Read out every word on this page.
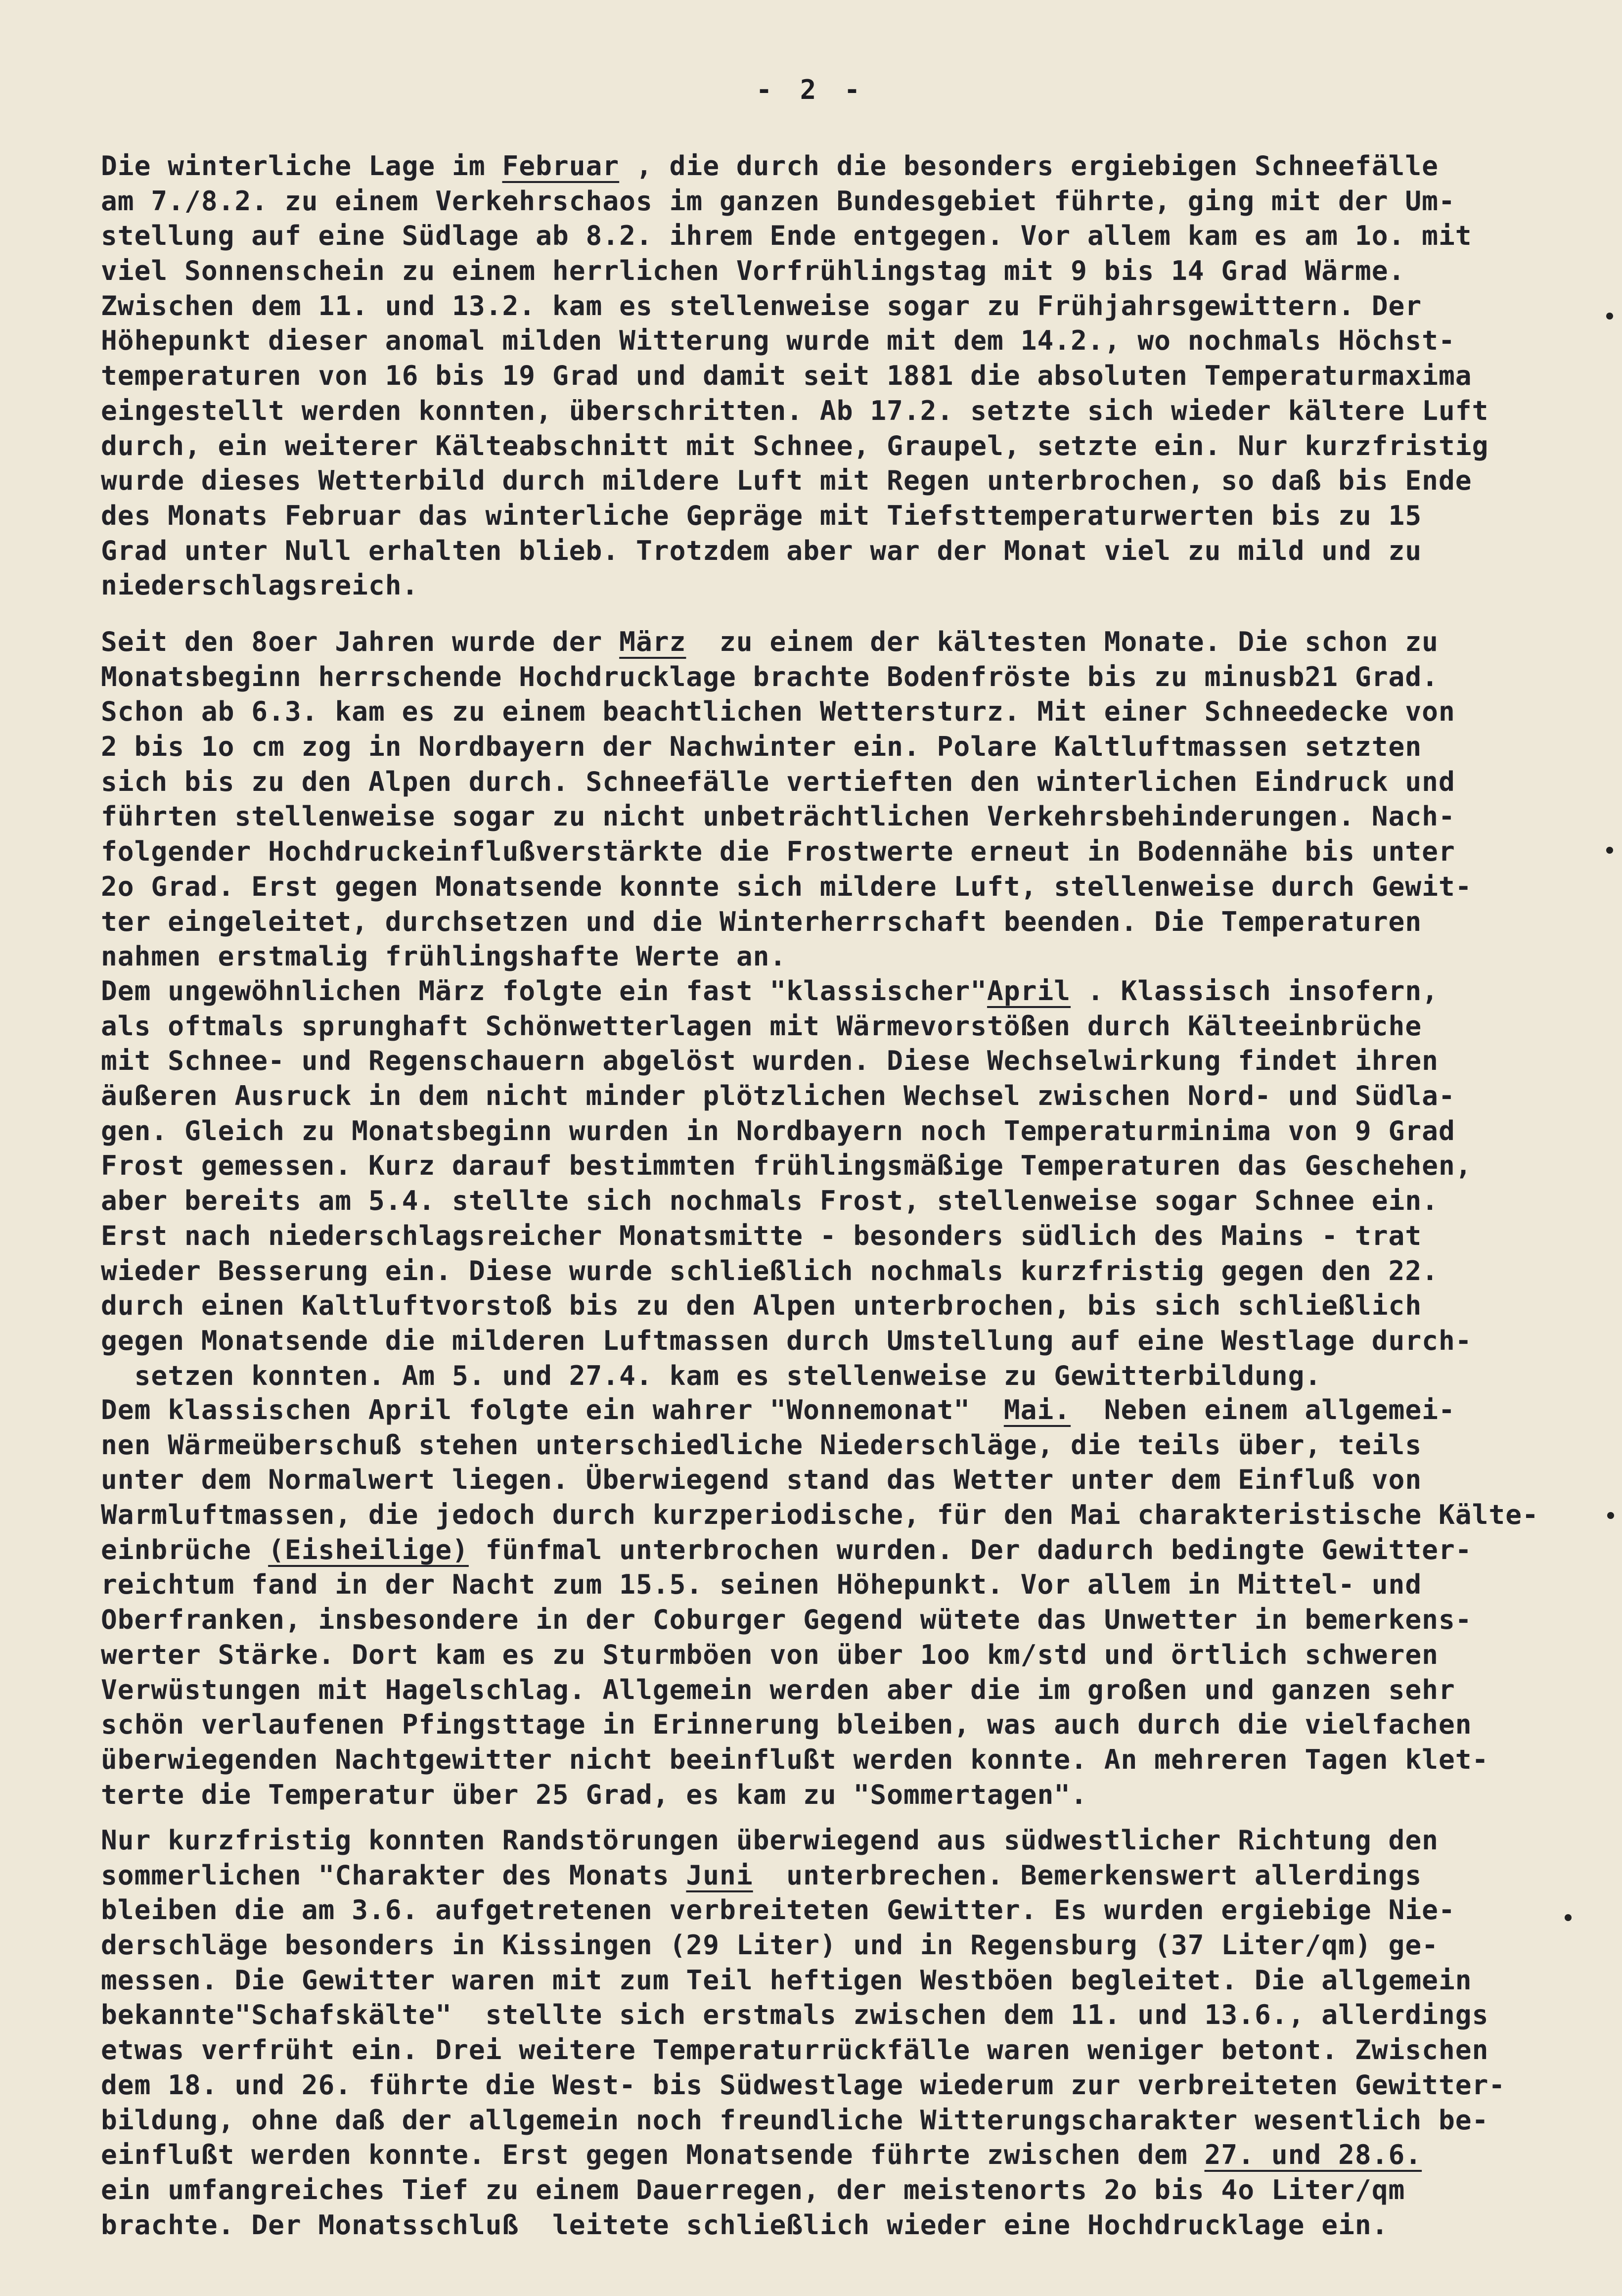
- 2 -
Die winterliche Lage im Februar , die durch die besonders ergiebigen Schneefälle
am 7./8.2. zu einem Verkehrschaos im ganzen Bundesgebiet führte, ging mit der Um-
stellung auf eine Südlage ab 8.2. ihrem Ende entgegen. Vor allem kam es am 1o. mit
viel Sonnenschein zu einem herrlichen Vorfrühlingstag mit 9 bis 14 Grad Wärme.
Zwischen dem 11. und 13.2. kam es stellenweise sogar zu Frühjahrsgewittern. Der
Höhepunkt dieser anomal milden Witterung wurde mit dem 14.2., wo nochmals Höchst-
temperaturen von 16 bis 19 Grad und damit seit 1881 die absoluten Temperaturmaxima
eingestellt werden konnten, überschritten. Ab 17.2. setzte sich wieder kältere Luft
durch, ein weiterer Kälteabschnitt mit Schnee, Graupel, setzte ein. Nur kurzfristig
wurde dieses Wetterbild durch mildere Luft mit Regen unterbrochen, so daß bis Ende
des Monats Februar das winterliche Gepräge mit Tiefsttemperaturwerten bis zu 15
Grad unter Null erhalten blieb. Trotzdem aber war der Monat viel zu mild und zu
niederschlagsreich.
Seit den 8oer Jahren wurde der März  zu einem der kältesten Monate. Die schon zu
Monatsbeginn herrschende Hochdrucklage brachte Bodenfröste bis zu minusb21 Grad.
Schon ab 6.3. kam es zu einem beachtlichen Wettersturz. Mit einer Schneedecke von
2 bis 1o cm zog in Nordbayern der Nachwinter ein. Polare Kaltluftmassen setzten
sich bis zu den Alpen durch. Schneefälle vertieften den winterlichen Eindruck und
führten stellenweise sogar zu nicht unbeträchtlichen Verkehrsbehinderungen. Nach-
folgender Hochdruckeinflußverstärkte die Frostwerte erneut in Bodennähe bis unter
2o Grad. Erst gegen Monatsende konnte sich mildere Luft, stellenweise durch Gewit-
ter eingeleitet, durchsetzen und die Winterherrschaft beenden. Die Temperaturen
nahmen erstmalig frühlingshafte Werte an.
Dem ungewöhnlichen März folgte ein fast "klassischer"April . Klassisch insofern,
als oftmals sprunghaft Schönwetterlagen mit Wärmevorstößen durch Kälteeinbrüche
mit Schnee- und Regenschauern abgelöst wurden. Diese Wechselwirkung findet ihren
äußeren Ausruck in dem nicht minder plötzlichen Wechsel zwischen Nord- und Südla-
gen. Gleich zu Monatsbeginn wurden in Nordbayern noch Temperaturminima von 9 Grad
Frost gemessen. Kurz darauf bestimmten frühlingsmäßige Temperaturen das Geschehen,
aber bereits am 5.4. stellte sich nochmals Frost, stellenweise sogar Schnee ein.
Erst nach niederschlagsreicher Monatsmitte - besonders südlich des Mains - trat
wieder Besserung ein. Diese wurde schließlich nochmals kurzfristig gegen den 22.
durch einen Kaltluftvorstoß bis zu den Alpen unterbrochen, bis sich schließlich
gegen Monatsende die milderen Luftmassen durch Umstellung auf eine Westlage durch-
setzen konnten. Am 5. und 27.4. kam es stellenweise zu Gewitterbildung.
Dem klassischen April folgte ein wahrer "Wonnemonat"  Mai.  Neben einem allgemei-
nen Wärmeüberschuß stehen unterschiedliche Niederschläge, die teils über, teils
unter dem Normalwert liegen. Überwiegend stand das Wetter unter dem Einfluß von
Warmluftmassen, die jedoch durch kurzperiodische, für den Mai charakteristische Kälte-
einbrüche (Eisheilige) fünfmal unterbrochen wurden. Der dadurch bedingte Gewitter-
reichtum fand in der Nacht zum 15.5. seinen Höhepunkt. Vor allem in Mittel- und
Oberfranken, insbesondere in der Coburger Gegend wütete das Unwetter in bemerkens-
werter Stärke. Dort kam es zu Sturmböen von über 1oo km/std und örtlich schweren
Verwüstungen mit Hagelschlag. Allgemein werden aber die im großen und ganzen sehr
schön verlaufenen Pfingsttage in Erinnerung bleiben, was auch durch die vielfachen
überwiegenden Nachtgewitter nicht beeinflußt werden konnte. An mehreren Tagen klet-
terte die Temperatur über 25 Grad, es kam zu "Sommertagen".
Nur kurzfristig konnten Randstörungen überwiegend aus südwestlicher Richtung den
sommerlichen "Charakter des Monats Juni  unterbrechen. Bemerkenswert allerdings
bleiben die am 3.6. aufgetretenen verbreiteten Gewitter. Es wurden ergiebige Nie-
derschläge besonders in Kissingen (29 Liter) und in Regensburg (37 Liter/qm) ge-
messen. Die Gewitter waren mit zum Teil heftigen Westböen begleitet. Die allgemein
bekannte"Schafskälte"  stellte sich erstmals zwischen dem 11. und 13.6., allerdings
etwas verfrüht ein. Drei weitere Temperaturrückfälle waren weniger betont. Zwischen
dem 18. und 26. führte die West- bis Südwestlage wiederum zur verbreiteten Gewitter-
bildung, ohne daß der allgemein noch freundliche Witterungscharakter wesentlich be-
einflußt werden konnte. Erst gegen Monatsende führte zwischen dem 27. und 28.6.
ein umfangreiches Tief zu einem Dauerregen, der meistenorts 2o bis 4o Liter/qm
brachte. Der Monatsschluß  leitete schließlich wieder eine Hochdrucklage ein.
